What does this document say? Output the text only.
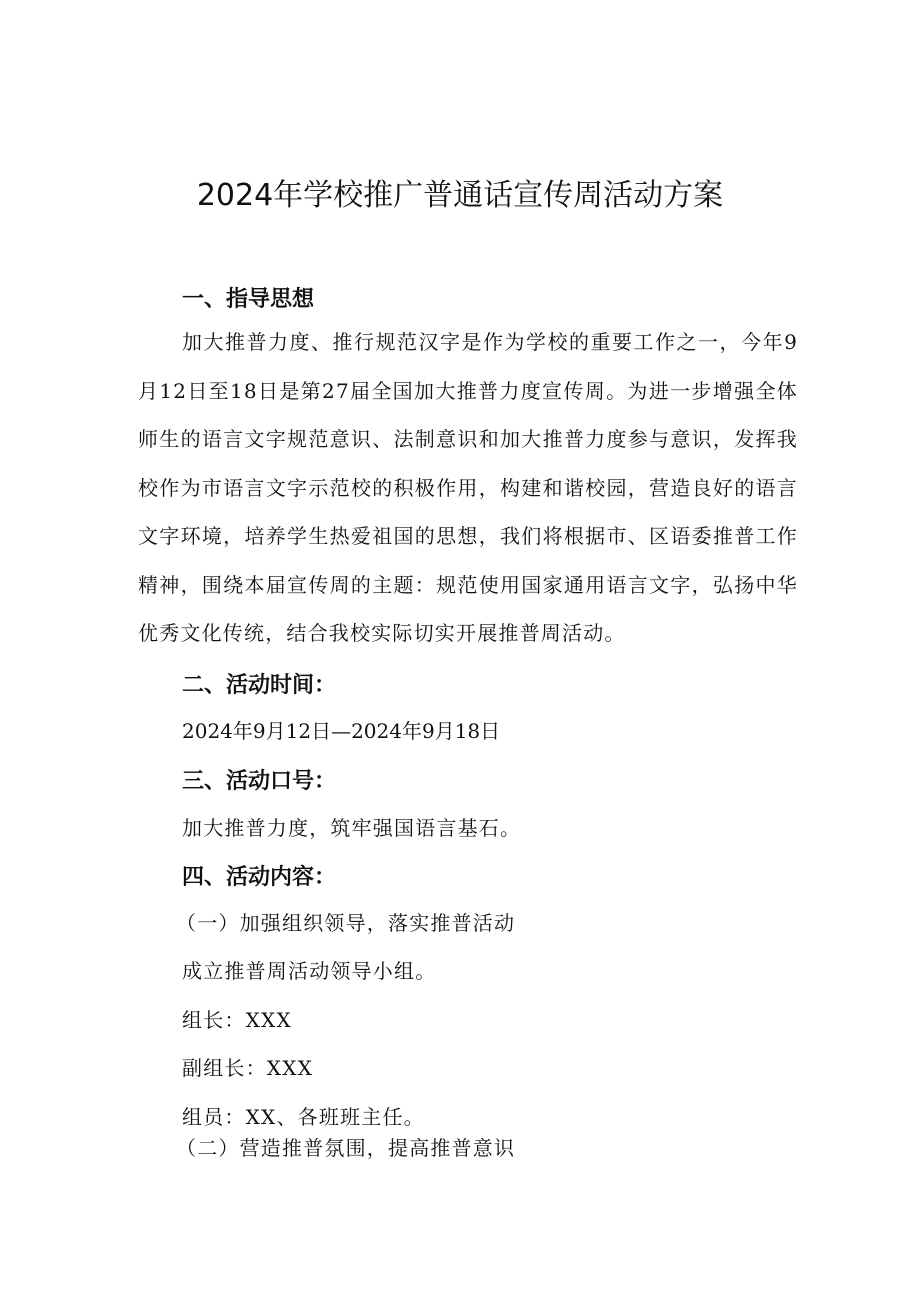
2024年学校推广普通话宣传周活动方案
一、指导思想

加大推普力度、推行规范汉字是作为学校的重要工作之一，今年9月12日至18日是第27届全国加大推普力度宣传周。为进一步增强全体师生的语言文字规范意识、法制意识和加大推普力度参与意识，发挥我校作为市语言文字示范校的积极作用，构建和谐校园，营造良好的语言文字环境，培养学生热爱祖国的思想，我们将根据市、区语委推普工作精神，围绕本届宣传周的主题：规范使用国家通用语言文字，弘扬中华优秀文化传统，结合我校实际切实开展推普周活动。

二、活动时间：

2024年9月12日—2024年9月18日

三、活动口号：

加大推普力度，筑牢强国语言基石。

四、活动内容：

（一）加强组织领导，落实推普活动

成立推普周活动领导小组。

组长：XXX

副组长：XXX

组员：XX、各班班主任。

（二）营造推普氛围，提高推普意识
